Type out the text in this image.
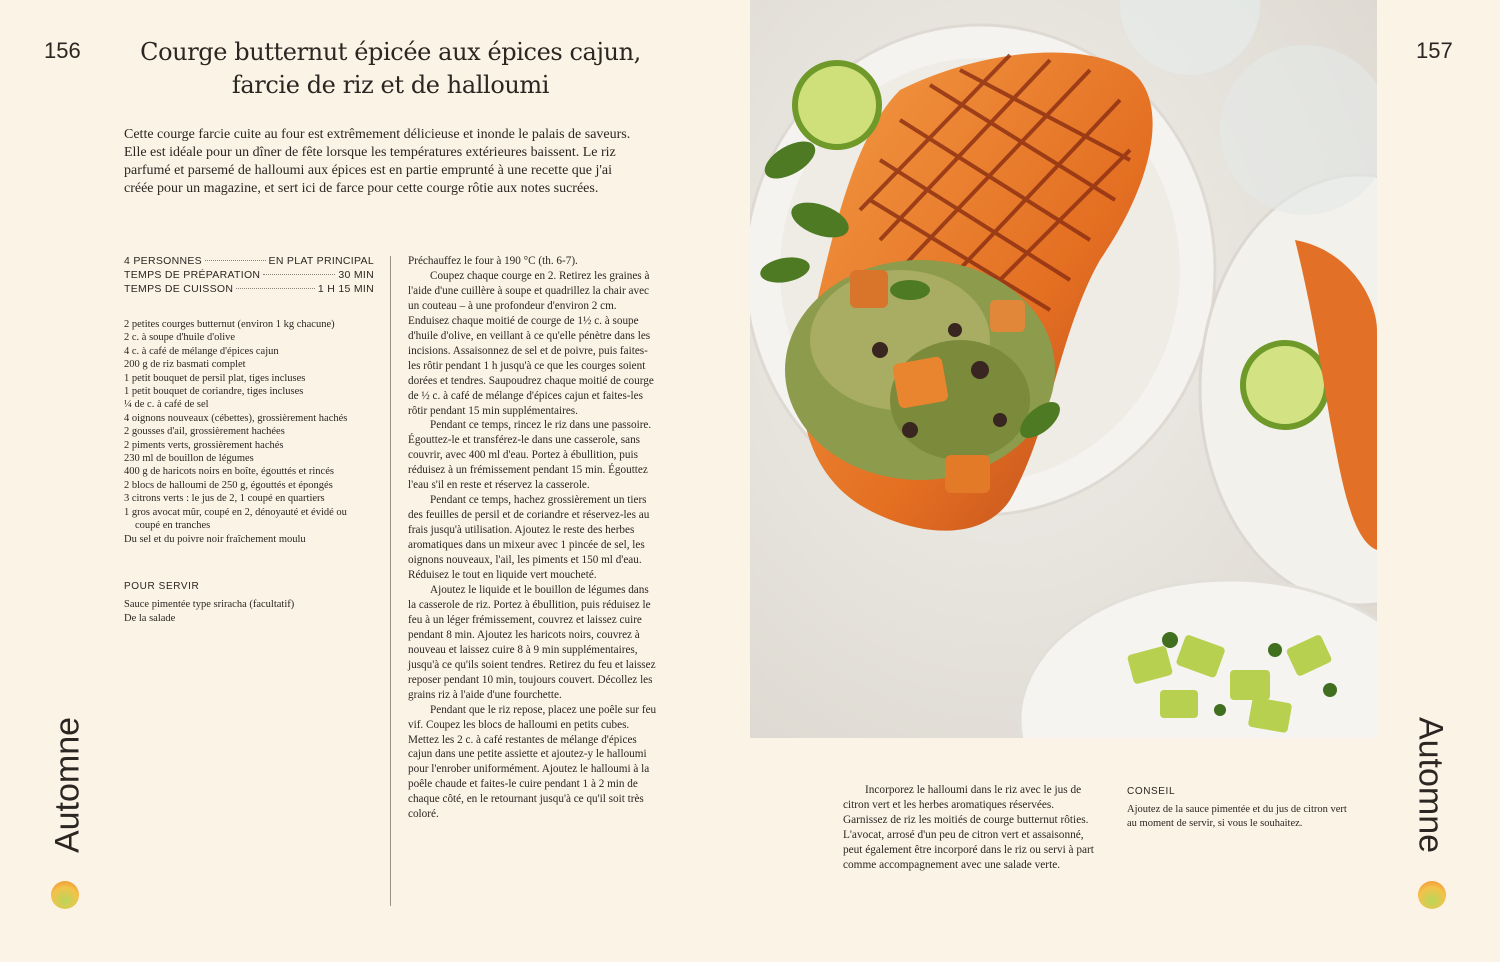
156	Courge butternut épicée aux épices cajun,
farcie de riz et de halloumi
Cette courge farcie cuite au four est extrêmement délicieuse et inonde le palais de saveurs. Elle est idéale pour un dîner de fête lorsque les températures extérieures baissent. Le riz parfumé et parsemé de halloumi aux épices est en partie emprunté à une recette que j'ai créée pour un magazine, et sert ici de farce pour cette courge rôtie aux notes sucrées.
4 PERSONNES	EN PLAT PRINCIPAL
TEMPS DE PRÉPARATION	30 MIN
TEMPS DE CUISSON	1 H 15 MIN
2 petites courges butternut (environ 1 kg chacune)
2 c. à soupe d'huile d'olive
4 c. à café de mélange d'épices cajun
200 g de riz basmati complet
1 petit bouquet de persil plat, tiges incluses
1 petit bouquet de coriandre, tiges incluses
¼ de c. à café de sel
4 oignons nouveaux (cébettes), grossièrement hachés
2 gousses d'ail, grossièrement hachées
2 piments verts, grossièrement hachés
230 ml de bouillon de légumes
400 g de haricots noirs en boîte, égouttés et rincés
2 blocs de halloumi de 250 g, égouttés et épongés
3 citrons verts : le jus de 2, 1 coupé en quartiers
1 gros avocat mûr, coupé en 2, dénoyauté et évidé ou coupé en tranches
Du sel et du poivre noir fraîchement moulu
POUR SERVIR
Sauce pimentée type sriracha (facultatif)
De la salade

Préchauffez le four à 190 °C (th. 6-7).

Coupez chaque courge en 2. Retirez les graines à l'aide d'une cuillère à soupe et quadrillez la chair avec un couteau – à une profondeur d'environ 2 cm. Enduisez chaque moitié de courge de 1½ c. à soupe d'huile d'olive, en veillant à ce qu'elle pénètre dans les incisions. Assaisonnez de sel et de poivre, puis faites-les rôtir pendant 1 h jusqu'à ce que les courges soient dorées et tendres. Saupoudrez chaque moitié de courge de ½ c. à café de mélange d'épices cajun et faites-les rôtir pendant 15 min supplémentaires.

Pendant ce temps, rincez le riz dans une passoire. Égouttez-le et transférez-le dans une casserole, sans couvrir, avec 400 ml d'eau. Portez à ébullition, puis réduisez à un frémissement pendant 15 min. Égouttez l'eau s'il en reste et réservez la casserole.

Pendant ce temps, hachez grossièrement un tiers des feuilles de persil et de coriandre et réservez-les au frais jusqu'à utilisation. Ajoutez le reste des herbes aromatiques dans un mixeur avec 1 pincée de sel, les oignons nouveaux, l'ail, les piments et 150 ml d'eau. Réduisez le tout en liquide vert moucheté.

Ajoutez le liquide et le bouillon de légumes dans la casserole de riz. Portez à ébullition, puis réduisez le feu à un léger frémissement, couvrez et laissez cuire pendant 8 min. Ajoutez les haricots noirs, couvrez à nouveau et laissez cuire 8 à 9 min supplémentaires, jusqu'à ce qu'ils soient tendres. Retirez du feu et laissez reposer pendant 10 min, toujours couvert. Décollez les grains riz à l'aide d'une fourchette.

Pendant que le riz repose, placez une poêle sur feu vif. Coupez les blocs de halloumi en petits cubes. Mettez les 2 c. à café restantes de mélange d'épices cajun dans une petite assiette et ajoutez-y le halloumi pour l'enrober uniformément. Ajoutez le halloumi à la poêle chaude et faites-le cuire pendant 1 à 2 min de chaque côté, en le retournant jusqu'à ce qu'il soit très coloré.

Automne
157

Incorporez le halloumi dans le riz avec le jus de citron vert et les herbes aromatiques réservées. Garnissez de riz les moitiés de courge butternut rôties. L'avocat, arrosé d'un peu de citron vert et assaisonné, peut également être incorporé dans le riz ou servi à part comme accompagnement avec une salade verte.

CONSEIL
Ajoutez de la sauce pimentée et du jus de citron vert au moment de servir, si vous le souhaitez.	Automne
